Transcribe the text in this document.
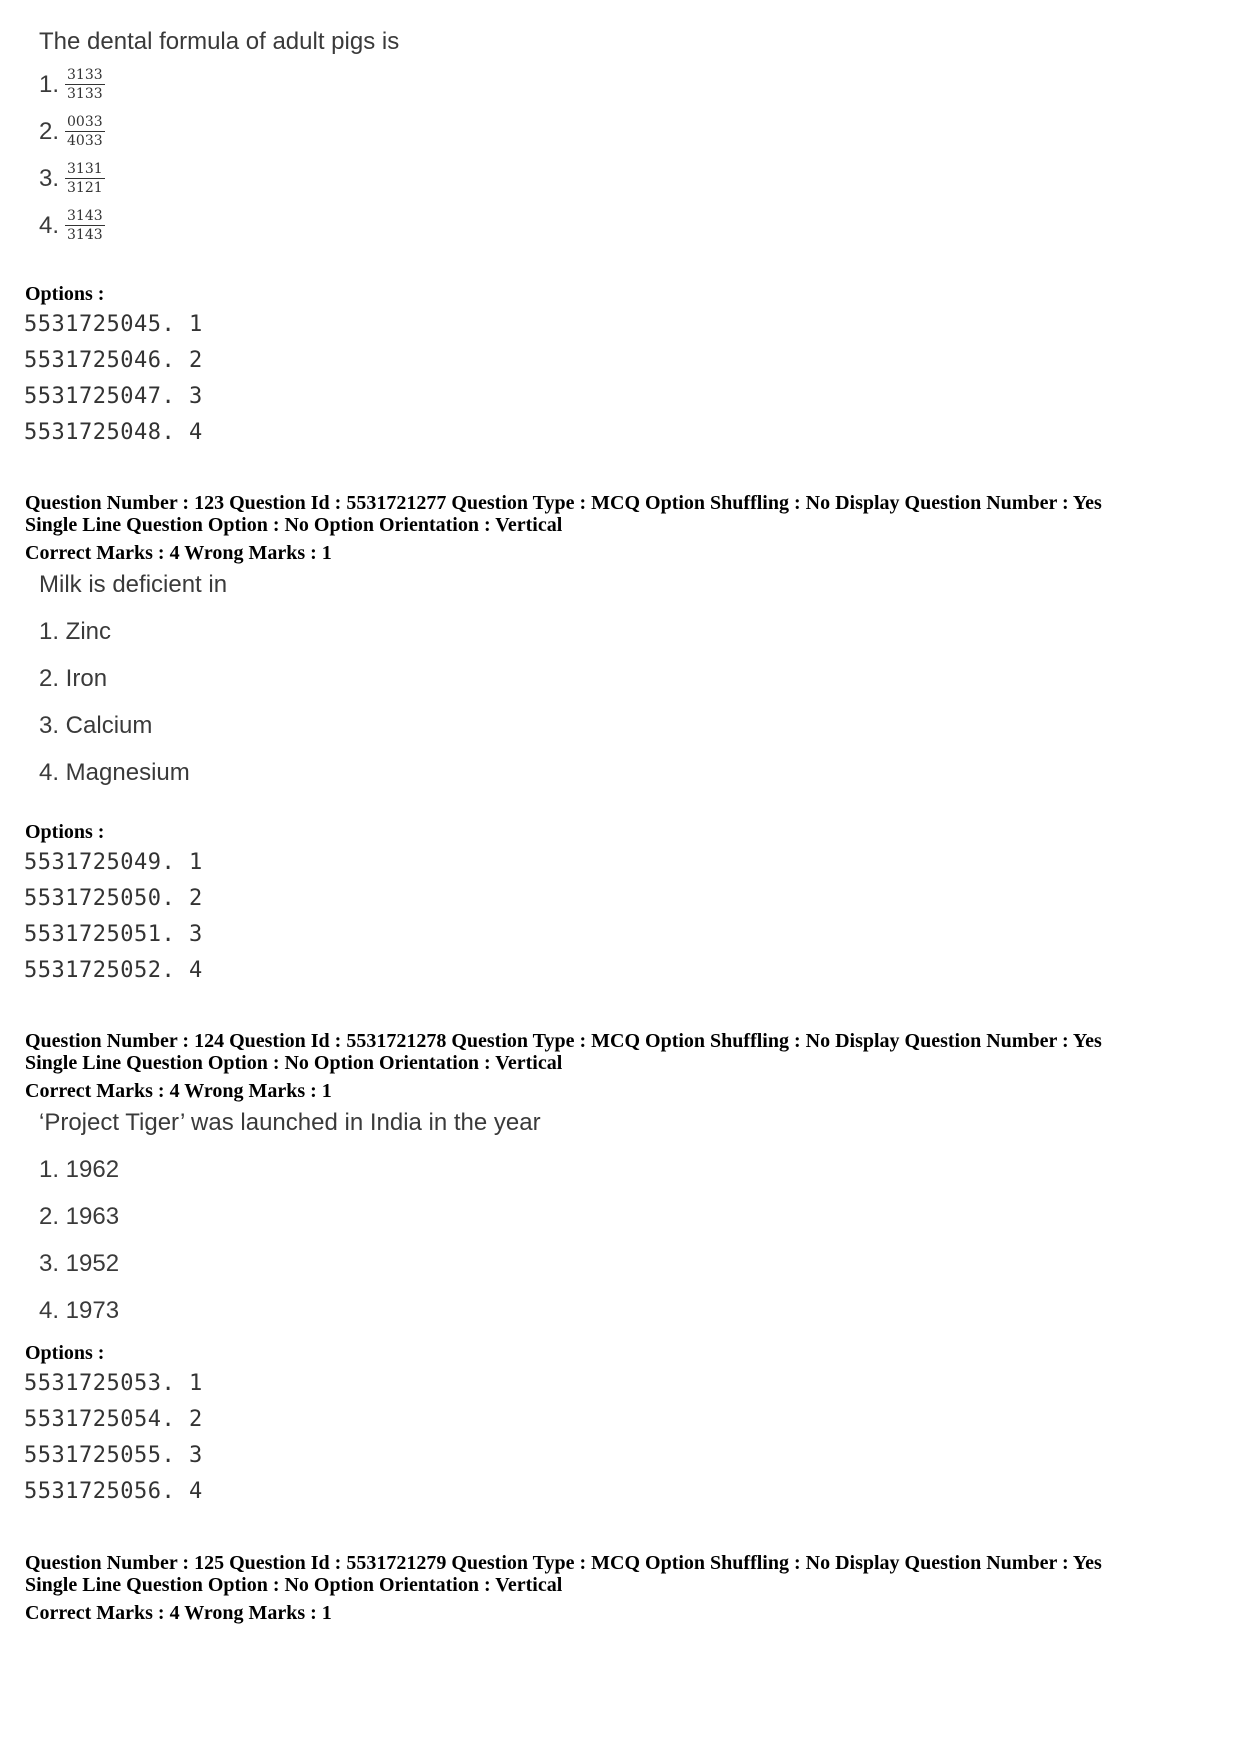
The dental formula of adult pigs is
1. $\frac{3133}{3133}$
2. $\frac{0033}{4033}$
3. $\frac{3131}{3121}$
4. $\frac{3143}{3143}$
Options :
5531725045. 1
5531725046. 2
5531725047. 3
5531725048. 4
Question Number : 123 Question Id : 5531721277 Question Type : MCQ Option Shuffling : No Display Question Number : Yes
Single Line Question Option : No Option Orientation : Vertical
Correct Marks : 4 Wrong Marks : 1
Milk is deficient in
1. Zinc
2. Iron
3. Calcium
4. Magnesium
Options :
5531725049. 1
5531725050. 2
5531725051. 3
5531725052. 4
Question Number : 124 Question Id : 5531721278 Question Type : MCQ Option Shuffling : No Display Question Number : Yes
Single Line Question Option : No Option Orientation : Vertical
Correct Marks : 4 Wrong Marks : 1
‘Project Tiger’ was launched in India in the year
1. 1962
2. 1963
3. 1952
4. 1973
Options :
5531725053. 1
5531725054. 2
5531725055. 3
5531725056. 4
Question Number : 125 Question Id : 5531721279 Question Type : MCQ Option Shuffling : No Display Question Number : Yes
Single Line Question Option : No Option Orientation : Vertical
Correct Marks : 4 Wrong Marks : 1
